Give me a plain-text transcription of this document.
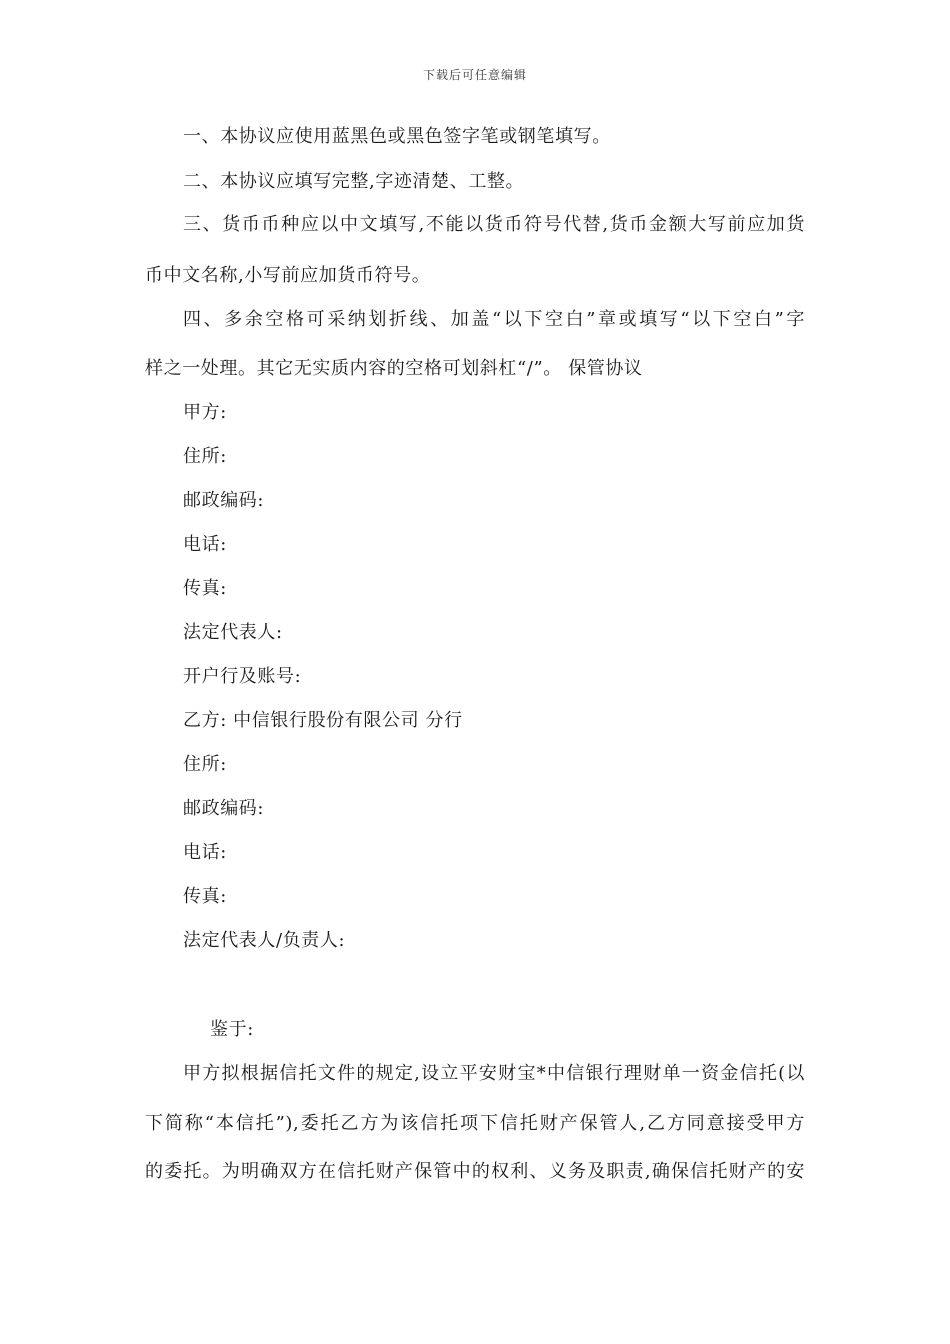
下载后可任意编辑
一、本协议应使用蓝黑色或黑色签字笔或钢笔填写。
二、本协议应填写完整,字迹清楚、工整。
三、货币币种应以中文填写,不能以货币符号代替,货币金额大写前应加货
币中文名称,小写前应加货币符号。
四、多余空格可采纳划折线、加盖“以下空白”章或填写“以下空白”字
样之一处理。其它无实质内容的空格可划斜杠“/”。 保管协议
甲方:
住所:
邮政编码:
电话:
传真:
法定代表人:
开户行及账号:
乙方: 中信银行股份有限公司 分行
住所:
邮政编码:
电话:
传真:
法定代表人/负责人:
鉴于:
甲方拟根据信托文件的规定,设立平安财宝*中信银行理财单一资金信托(以
下简称“本信托”),委托乙方为该信托项下信托财产保管人,乙方同意接受甲方
的委托。为明确双方在信托财产保管中的权利、义务及职责,确保信托财产的安
